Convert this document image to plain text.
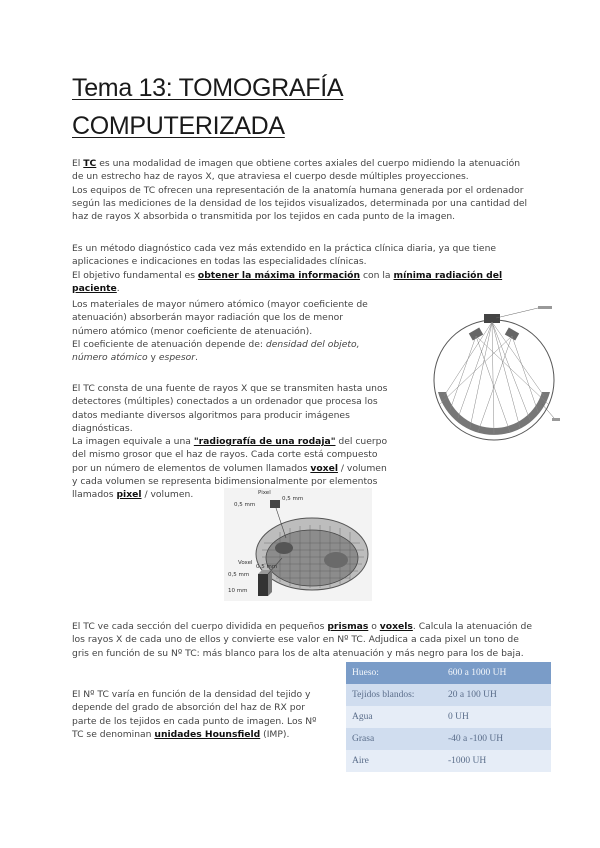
Tema 13: TOMOGRAFÍA
COMPUTERIZADA
El TC es una modalidad de imagen que obtiene cortes axiales del cuerpo midiendo la atenuación de un estrecho haz de rayos X, que atraviesa el cuerpo desde múltiples proyecciones.
Los equipos de TC ofrecen una representación de la anatomía humana generada por el ordenador según las mediciones de la densidad de los tejidos visualizados, determinada por una cantidad del haz de rayos X absorbida o transmitida por los tejidos en cada punto de la imagen.
Es un método diagnóstico cada vez más extendido en la práctica clínica diaria, ya que tiene aplicaciones e indicaciones en todas las especialidades clínicas.
El objetivo fundamental es obtener la máxima información con la mínima radiación del paciente.
Los materiales de mayor número atómico (mayor coeficiente de atenuación) absorberán mayor radiación que los de menor número atómico (menor coeficiente de atenuación).
El coeficiente de atenuación depende de: densidad del objeto, número atómico y espesor.
El TC consta de una fuente de rayos X que se transmiten hasta unos detectores (múltiples) conectados a un ordenador que procesa los datos mediante diversos algoritmos para producir imágenes diagnósticas.
La imagen equivale a una "radiografía de una rodaja" del cuerpo del mismo grosor que el haz de rayos. Cada corte está compuesto por un número de elementos de volumen llamados voxel / volumen y cada volumen se representa bidimensionalmente por elementos llamados pixel / volumen.	Pixel
0,5 mm
0,5 mm
Voxel
0,5 mm
0,5 mm
10 mm
El TC ve cada sección del cuerpo dividida en pequeños prismas o voxels. Calcula la atenuación de los rayos X de cada uno de ellos y convierte ese valor en Nº TC. Adjudica a cada pixel un tono de gris en función de su Nº TC: más blanco para los de alta atenuación y más negro para los de baja.
El Nº TC varía en función de la densidad del tejido y depende del grado de absorción del haz de RX por parte de los tejidos en cada punto de imagen. Los Nº TC se denominan unidades Hounsfield (IMP).
Hueso:	600 a 1000 UH
Tejidos blandos:	20 a 100 UH
Agua	0 UH
Grasa	-40 a -100 UH
Aire	-1000 UH
